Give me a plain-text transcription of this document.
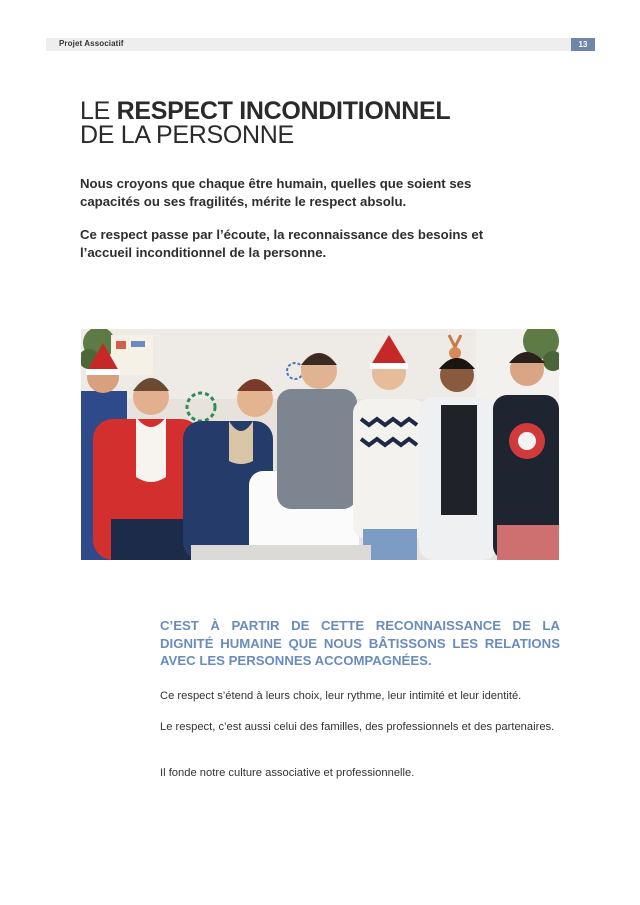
Projet Associatif	13
LE RESPECT INCONDITIONNEL
DE LA PERSONNE

Nous croyons que chaque être humain, quelles que soient ses capacités ou ses fragilités, mérite le respect absolu.

Ce respect passe par l’écoute, la reconnaissance des besoins et l’accueil inconditionnel de la personne.

C’EST À PARTIR DE CETTE RECONNAISSANCE DE LA DIGNITÉ HUMAINE QUE NOUS BÂTISSONS LES RELATIONS AVEC LES PERSONNES ACCOMPAGNÉES.

Ce respect s’étend à leurs choix, leur rythme, leur intimité et leur identité.

Le respect, c’est aussi celui des familles, des professionnels et des partenaires.

Il fonde notre culture associative et professionnelle.
